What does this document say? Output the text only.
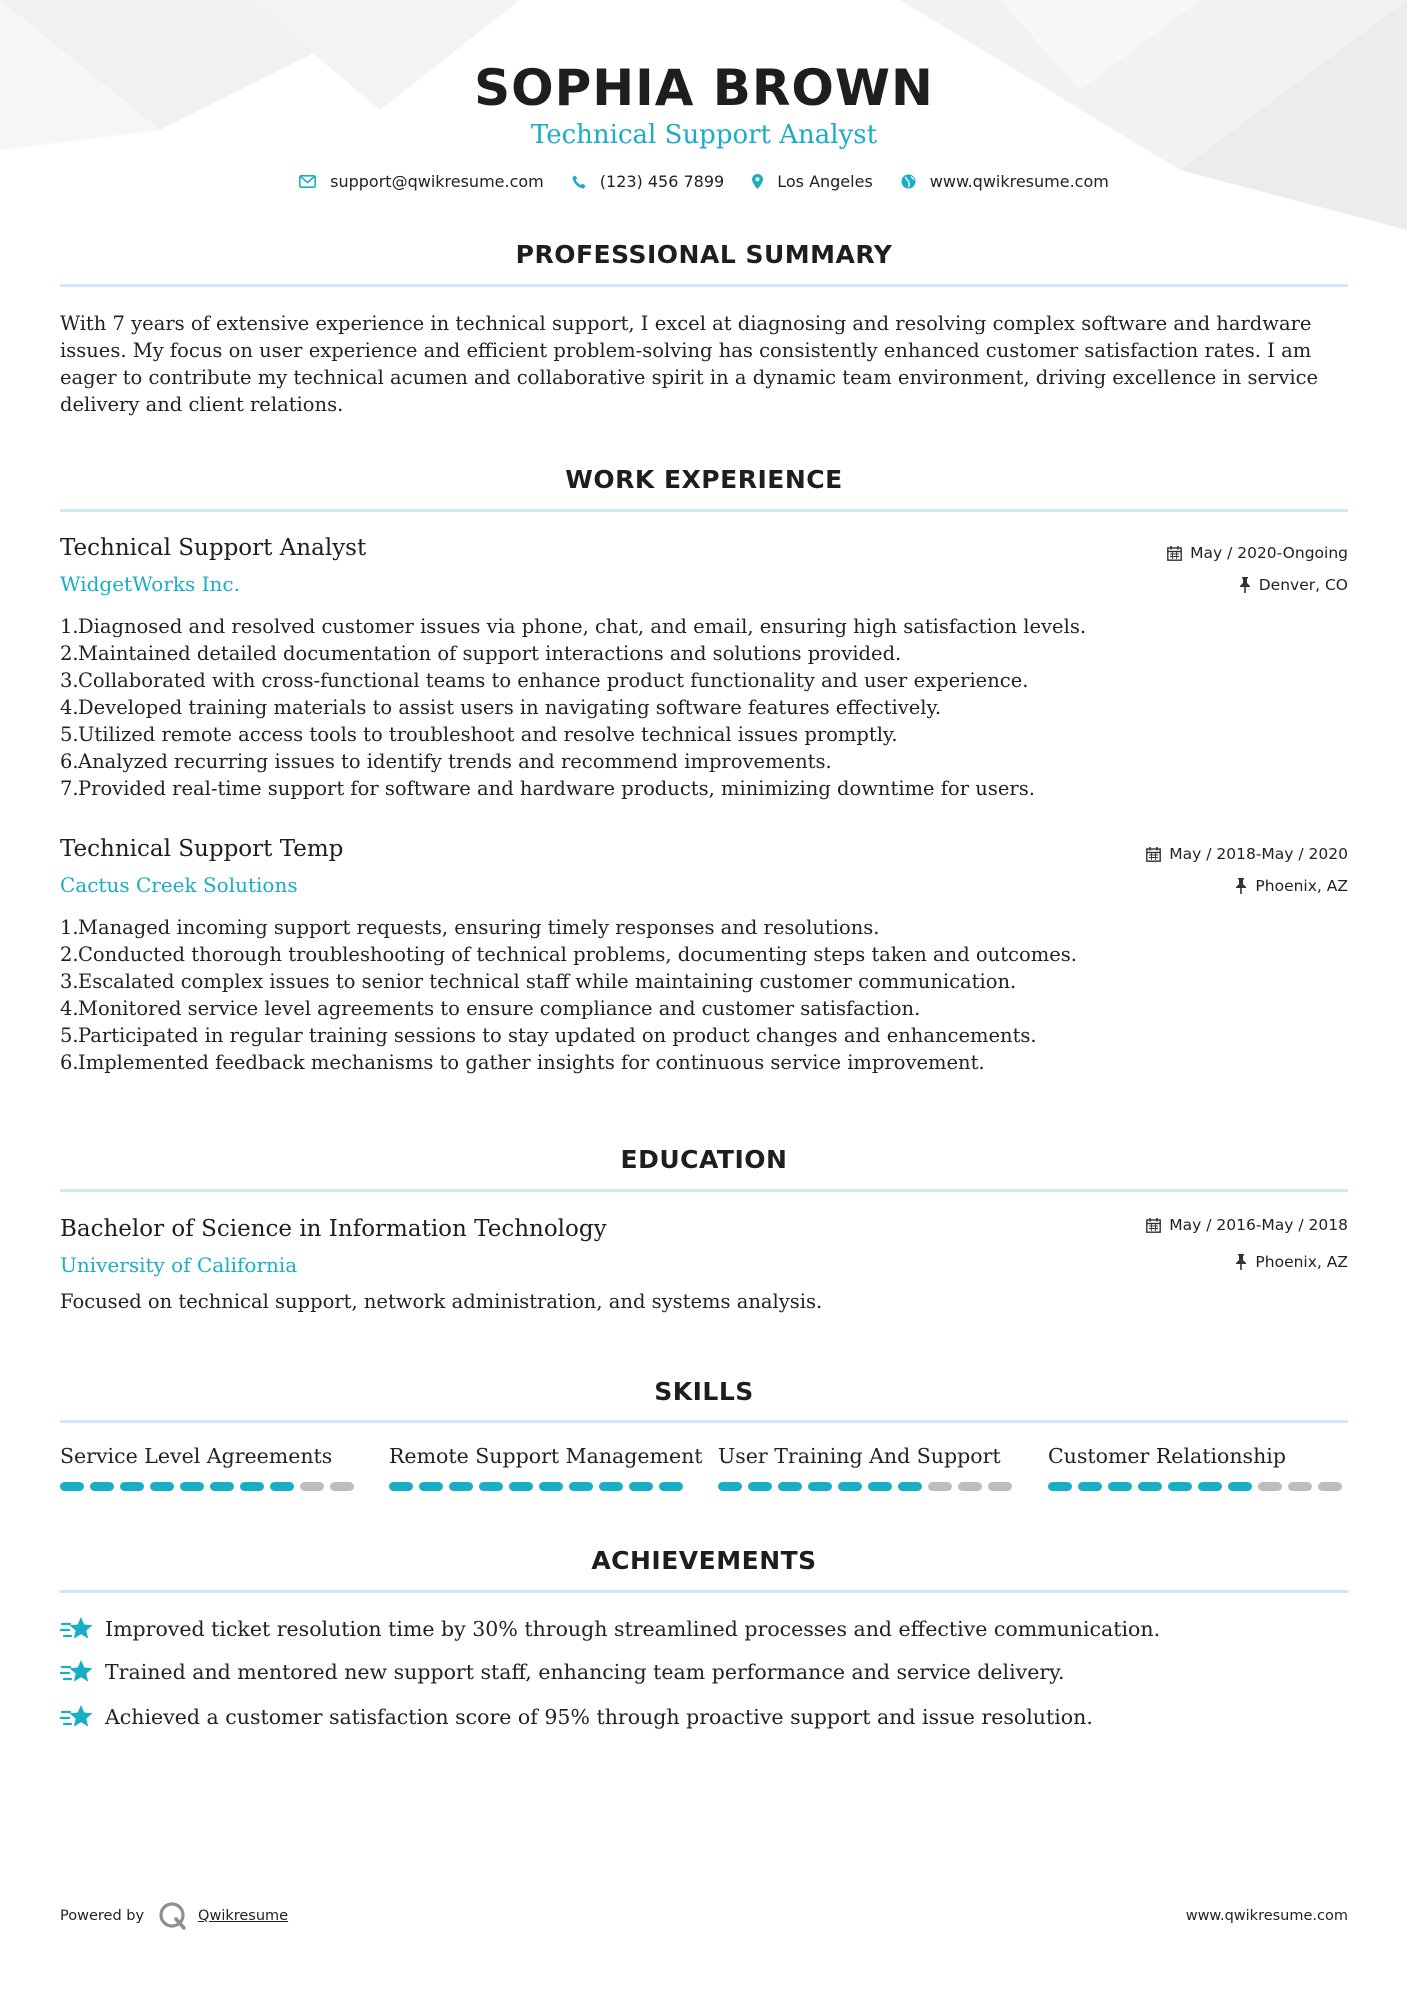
SOPHIA BROWN
Technical Support Analyst
support@qwikresume.com	(123) 456 7899	Los Angeles	www.qwikresume.com
PROFESSIONAL SUMMARY
With 7 years of extensive experience in technical support, I excel at diagnosing and resolving complex software and hardware issues. My focus on user experience and efficient problem-solving has consistently enhanced customer satisfaction rates. I am eager to contribute my technical acumen and collaborative spirit in a dynamic team environment, driving excellence in service delivery and client relations.
WORK EXPERIENCE
Technical Support Analyst
WidgetWorks Inc.
May / 2020-Ongoing
Denver, CO
1. Diagnosed and resolved customer issues via phone, chat, and email, ensuring high satisfaction levels.
2. Maintained detailed documentation of support interactions and solutions provided.
3. Collaborated with cross-functional teams to enhance product functionality and user experience.
4. Developed training materials to assist users in navigating software features effectively.
5. Utilized remote access tools to troubleshoot and resolve technical issues promptly.
6. Analyzed recurring issues to identify trends and recommend improvements.
7. Provided real-time support for software and hardware products, minimizing downtime for users.
Technical Support Temp
Cactus Creek Solutions
May / 2018-May / 2020
Phoenix, AZ
1. Managed incoming support requests, ensuring timely responses and resolutions.
2. Conducted thorough troubleshooting of technical problems, documenting steps taken and outcomes.
3. Escalated complex issues to senior technical staff while maintaining customer communication.
4. Monitored service level agreements to ensure compliance and customer satisfaction.
5. Participated in regular training sessions to stay updated on product changes and enhancements.
6. Implemented feedback mechanisms to gather insights for continuous service improvement.
EDUCATION
Bachelor of Science in Information Technology
University of California
May / 2016-May / 2018
Phoenix, AZ
Focused on technical support, network administration, and systems analysis.
SKILLS
Service Level Agreements	Remote Support Management User Training And Support	Customer Relationship
ACHIEVEMENTS
Improved ticket resolution time by 30% through streamlined processes and effective communication.
Trained and mentored new support staff, enhancing team performance and service delivery.
Achieved a customer satisfaction score of 95% through proactive support and issue resolution.
Powered by	Qwikresume	www.qwikresume.com
